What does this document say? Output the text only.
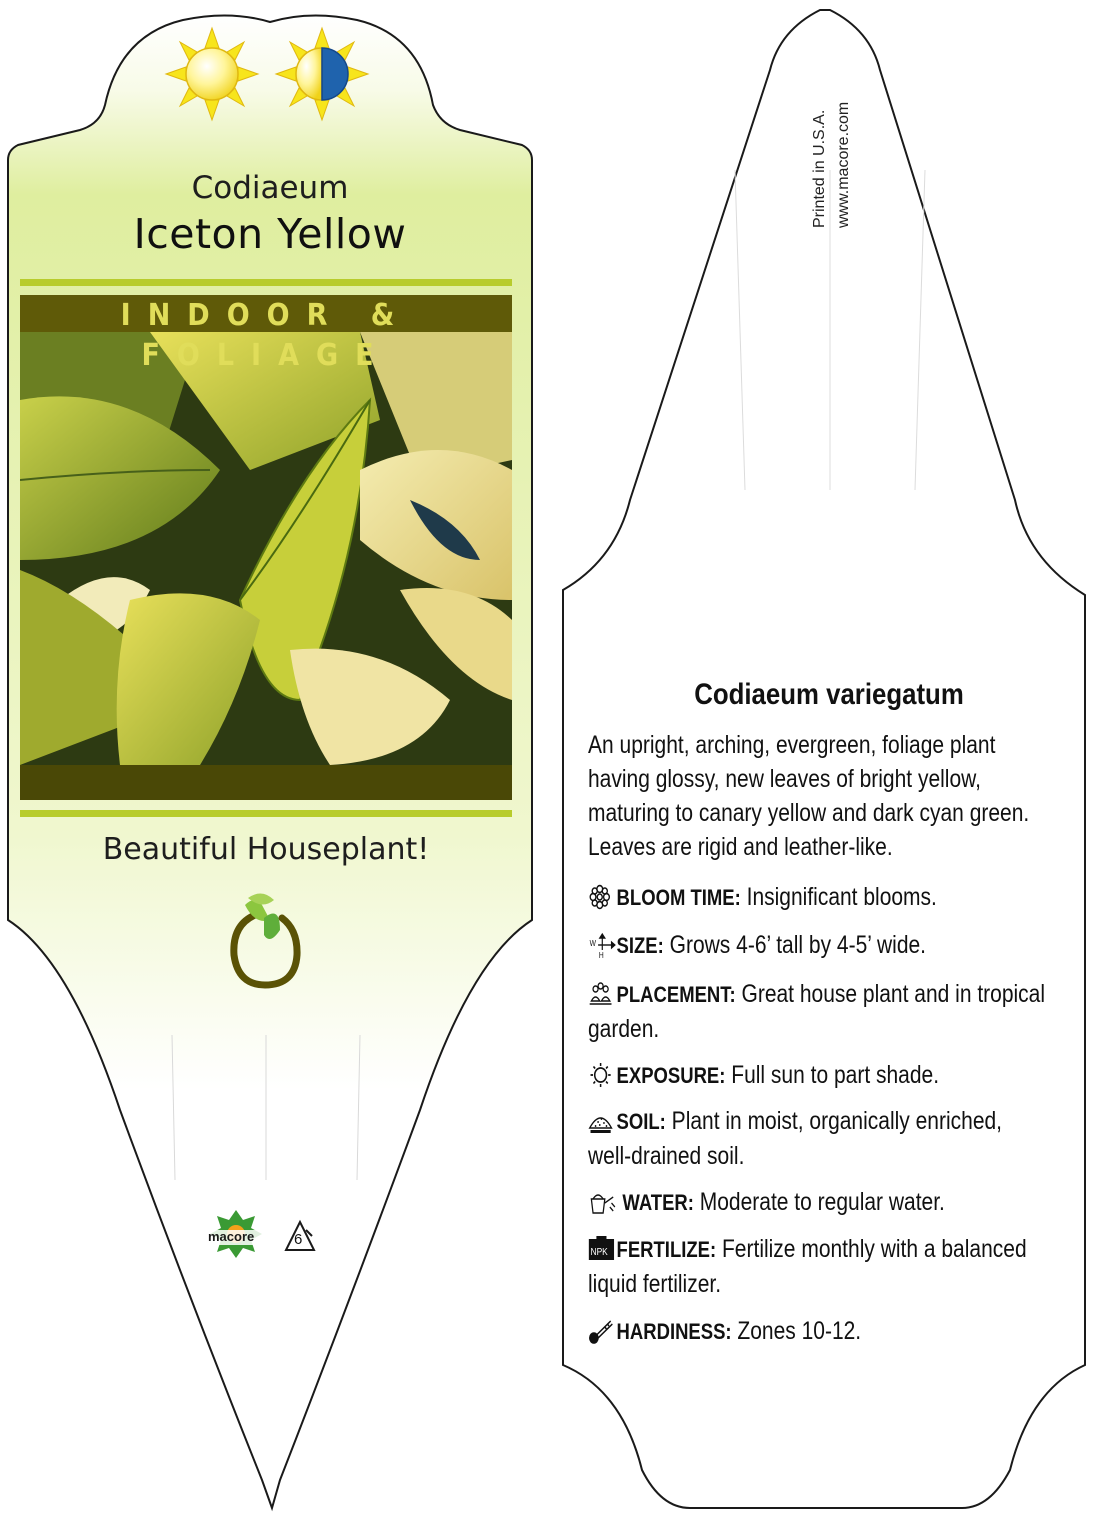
Codiaeum
Iceton Yellow
INDOOR & FOLIAGE
Beautiful Houseplant!
macore	6
Printed in U.S.A. www.macore.com
Codiaeum variegatum
An upright, arching, evergreen, foliage plant
having glossy, new leaves of bright yellow,
maturing to canary yellow and dark cyan green.
Leaves are rigid and leather-like.
BLOOM TIME: Insignificant blooms.
W
H SIZE: Grows 4-6’ tall by 4-5’ wide.
PLACEMENT: Great house plant and in tropical
garden.
EXPOSURE: Full sun to part shade.
SOIL: Plant in moist, organically enriched,
well-drained soil.
WATER: Moderate to regular water.
NPK FERTILIZE: Fertilize monthly with a balanced
liquid fertilizer.
HARDINESS: Zones 10-12.
